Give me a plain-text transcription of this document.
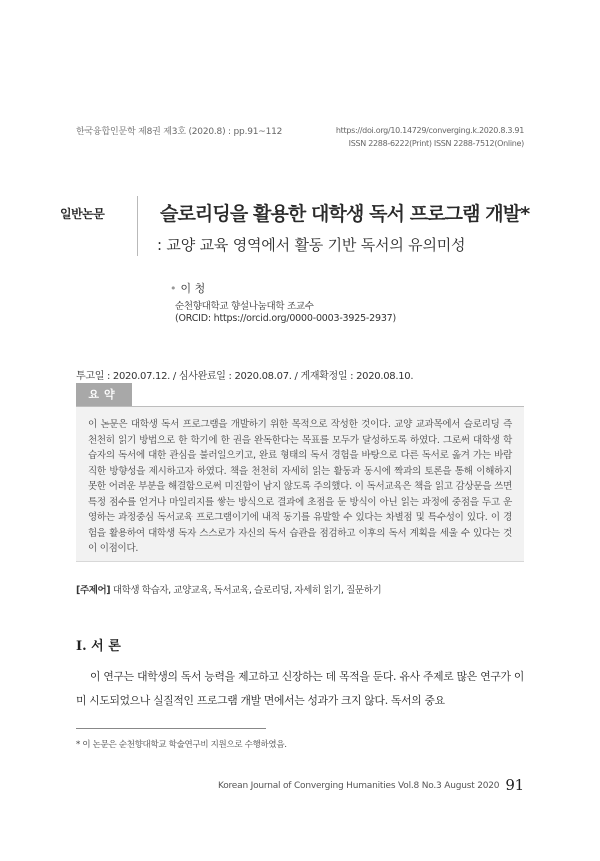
한국융합인문학 제8권 제3호 (2020.8) : pp.91~112	https://doi.org/10.14729/converging.k.2020.8.3.91
ISSN 2288-6222(Print) ISSN 2288-7512(Online)
일반논문	슬로리딩을 활용한 대학생 독서 프로그램 개발*
: 교양 교육 영역에서 활동 기반 독서의 유의미성
• 이 청
순천향대학교 향설나눔대학 조교수
(ORCID: https://orcid.org/0000-0003-3925-2937)
투고일 : 2020.07.12. / 심사완료일 : 2020.08.07. / 게재확정일 : 2020.08.10.
요약
이 논문은 대학생 독서 프로그램을 개발하기 위한 목적으로 작성한 것이다. 교양 교과목에서 슬로리딩 즉 천천히 읽기 방법으로 한 학기에 한 권을 완독한다는 목표를 모두가 달성하도록 하였다. 그로써 대학생 학습자의 독서에 대한 관심을 불러일으키고, 완료 형태의 독서 경험을 바탕으로 다른 독서로 옮겨 가는 바람직한 방향성을 제시하고자 하였다. 책을 천천히 자세히 읽는 활동과 동시에 짝과의 토론을 통해 이해하지 못한 어려운 부분을 해결함으로써 미진함이 남지 않도록 주의했다. 이 독서교육은 책을 읽고 감상문을 쓰면 특정 점수를 얻거나 마일리지를 쌓는 방식으로 결과에 초점을 둔 방식이 아닌 읽는 과정에 중점을 두고 운영하는 과정중심 독서교육 프로그램이기에 내적 동기를 유발할 수 있다는 차별점 및 특수성이 있다. 이 경험을 활용하여 대학생 독자 스스로가 자신의 독서 습관을 점검하고 이후의 독서 계획을 세울 수 있다는 것이 이점이다.
[주제어] 대학생 학습자, 교양교육, 독서교육, 슬로리딩, 자세히 읽기, 질문하기
I. 서 론
이 연구는 대학생의 독서 능력을 제고하고 신장하는 데 목적을 둔다. 유사 주제로 많은 연구가 이미 시도되었으나 실질적인 프로그램 개발 면에서는 성과가 크지 않다. 독서의 중요
* 이 논문은 순천향대학교 학술연구비 지원으로 수행하였음.
Korean Journal of Converging Humanities Vol.8 No.3 August 2020 91
